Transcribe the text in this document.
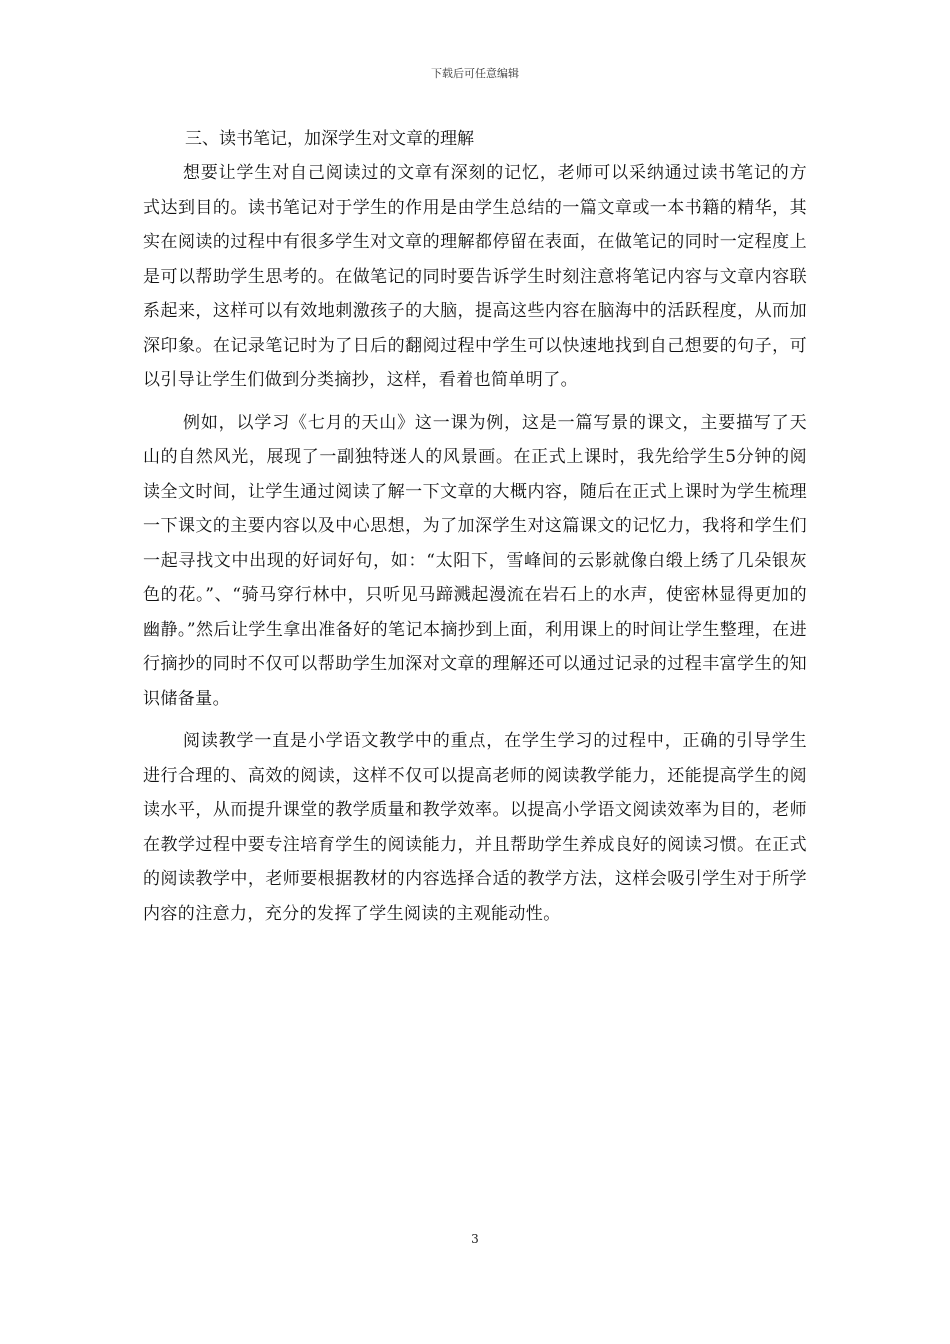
下载后可任意编辑

三、读书笔记，加深学生对文章的理解

想要让学生对自己阅读过的文章有深刻的记忆，老师可以采纳通过读书笔记的方式达到目的。读书笔记对于学生的作用是由学生总结的一篇文章或一本书籍的精华，其实在阅读的过程中有很多学生对文章的理解都停留在表面，在做笔记的同时一定程度上是可以帮助学生思考的。在做笔记的同时要告诉学生时刻注意将笔记内容与文章内容联系起来，这样可以有效地刺激孩子的大脑，提高这些内容在脑海中的活跃程度，从而加深印象。在记录笔记时为了日后的翻阅过程中学生可以快速地找到自己想要的句子，可以引导让学生们做到分类摘抄，这样，看着也简单明了。

例如，以学习《七月的天山》这一课为例，这是一篇写景的课文，主要描写了天山的自然风光，展现了一副独特迷人的风景画。在正式上课时，我先给学生5分钟的阅读全文时间，让学生通过阅读了解一下文章的大概内容，随后在正式上课时为学生梳理一下课文的主要内容以及中心思想，为了加深学生对这篇课文的记忆力，我将和学生们一起寻找文中出现的好词好句，如：“太阳下，雪峰间的云影就像白缎上绣了几朵银灰色的花。”、“骑马穿行林中，只听见马蹄溅起漫流在岩石上的水声，使密林显得更加的幽静。”然后让学生拿出准备好的笔记本摘抄到上面，利用课上的时间让学生整理，在进行摘抄的同时不仅可以帮助学生加深对文章的理解还可以通过记录的过程丰富学生的知识储备量。

阅读教学一直是小学语文教学中的重点，在学生学习的过程中，正确的引导学生进行合理的、高效的阅读，这样不仅可以提高老师的阅读教学能力，还能提高学生的阅读水平，从而提升课堂的教学质量和教学效率。以提高小学语文阅读效率为目的，老师在教学过程中要专注培育学生的阅读能力，并且帮助学生养成良好的阅读习惯。在正式的阅读教学中，老师要根据教材的内容选择合适的教学方法，这样会吸引学生对于所学内容的注意力，充分的发挥了学生阅读的主观能动性。

3
